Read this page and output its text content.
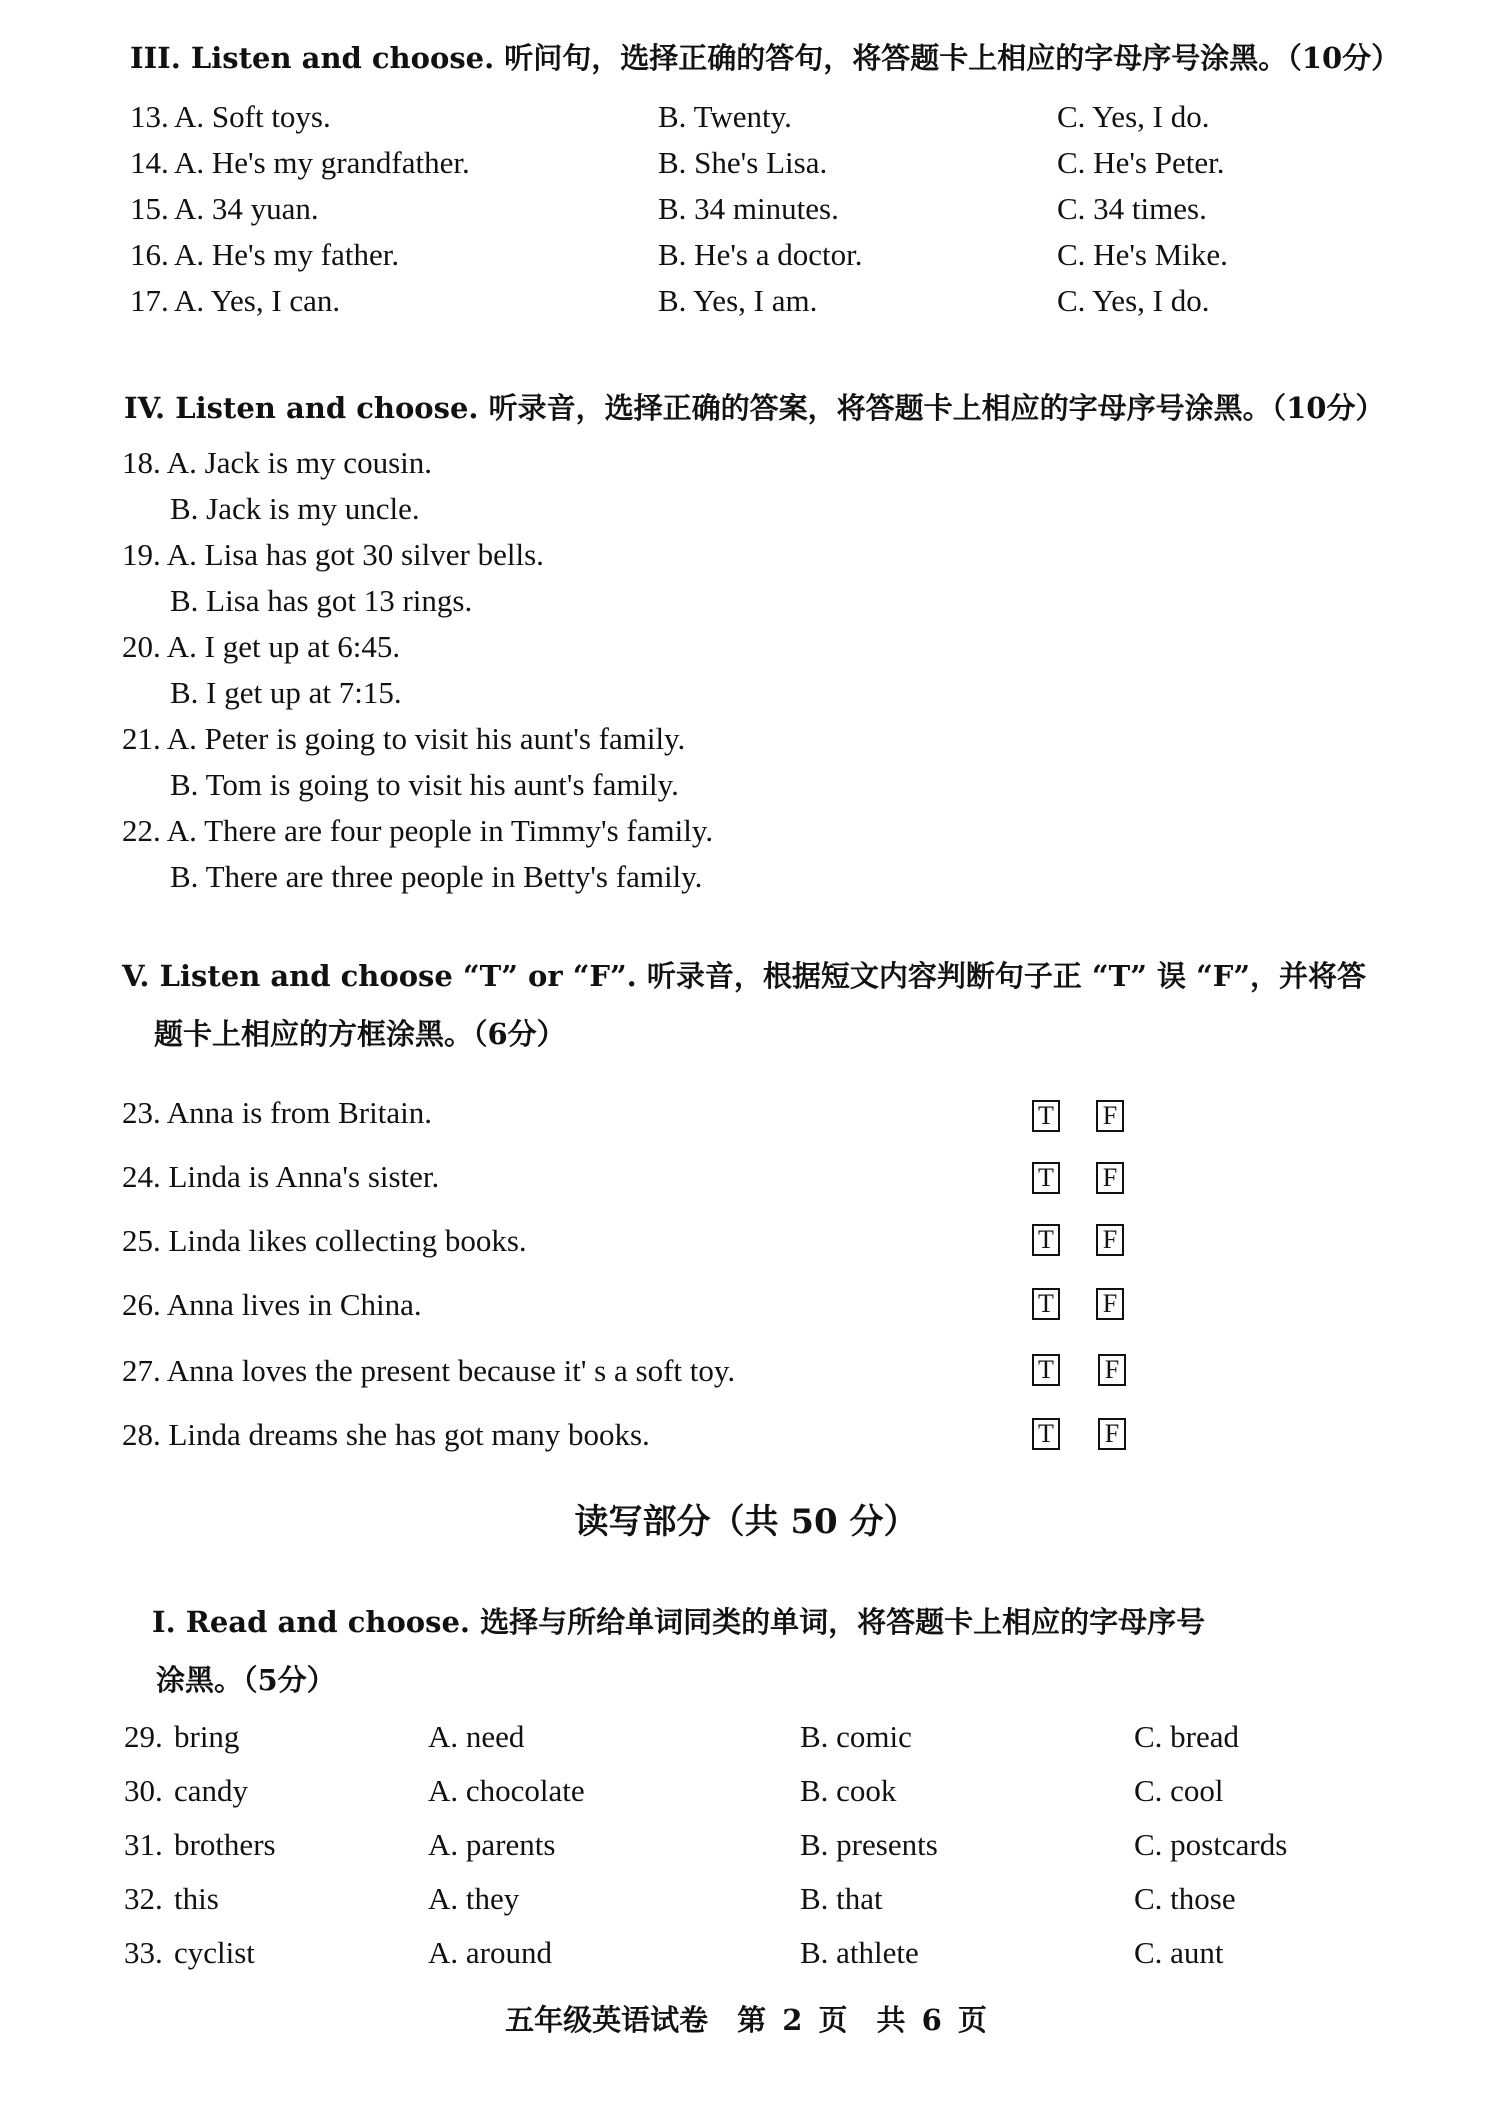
III. Listen and choose. 听问句，选择正确的答句，将答题卡上相应的字母序号涂黑。（10分）
13. A. Soft toys.	B. Twenty.	C. Yes, I do.
14. A. He's my grandfather.	B. She's Lisa.	C. He's Peter.
15. A. 34 yuan.	B. 34 minutes.	C. 34 times.
16. A. He's my father.	B. He's a doctor.	C. He's Mike.
17. A. Yes, I can.	B. Yes, I am.	C. Yes, I do.
IV. Listen and choose. 听录音，选择正确的答案，将答题卡上相应的字母序号涂黑。（10分）
18. A. Jack is my cousin.
B. Jack is my uncle.
19. A. Lisa has got 30 silver bells.
B. Lisa has got 13 rings.
20. A. I get up at 6:45.
B. I get up at 7:15.
21. A. Peter is going to visit his aunt's family.
B. Tom is going to visit his aunt's family.
22. A. There are four people in Timmy's family.
B. There are three people in Betty's family.
V. Listen and choose “T” or “F”. 听录音，根据短文内容判断句子正 “T” 误 “F”，并将答
题卡上相应的方框涂黑。（6分）
23. Anna is from Britain.	T F
24. Linda is Anna's sister.	T F
25. Linda likes collecting books.	T F
26. Anna lives in China.	T F
27. Anna loves the present because it' s a soft toy.	T F
28. Linda dreams she has got many books.	T F
读写部分（共 50 分）
Ⅰ. Read and choose. 选择与所给单词同类的单词，将答题卡上相应的字母序号
涂黑。（5分）
29. bring	A. need	B. comic	C. bread
30. candy	A. chocolate	B. cook	C. cool
31. brothers	A. parents	B. presents	C. postcards
32. this	A. they	B. that	C. those
33. cyclist	A. around	B. athlete	C. aunt
五年级英语试卷　第 2 页　共 6 页
